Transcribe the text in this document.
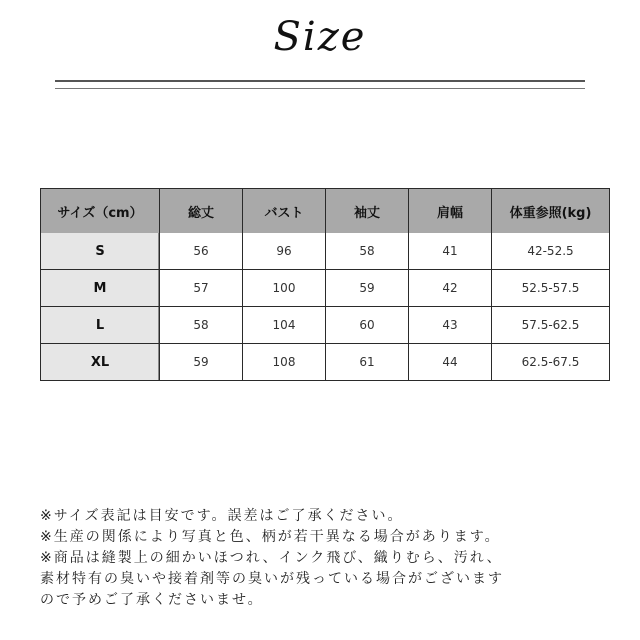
Size
サイズ（cm）	総丈	バスト	袖丈	肩幅	体重参照(kg)
S	56	96	58	41	42-52.5
M	57	100	59	42	52.5-57.5
L	58	104	60	43	57.5-62.5
XL	59	108	61	44	62.5-67.5
※サイズ表記は目安です。誤差はご了承ください。
※生産の関係により写真と色、柄が若干異なる場合があります。
※商品は縫製上の細かいほつれ、インク飛び、織りむら、汚れ、
素材特有の臭いや接着剤等の臭いが残っている場合がございます
ので予めご了承くださいませ。
